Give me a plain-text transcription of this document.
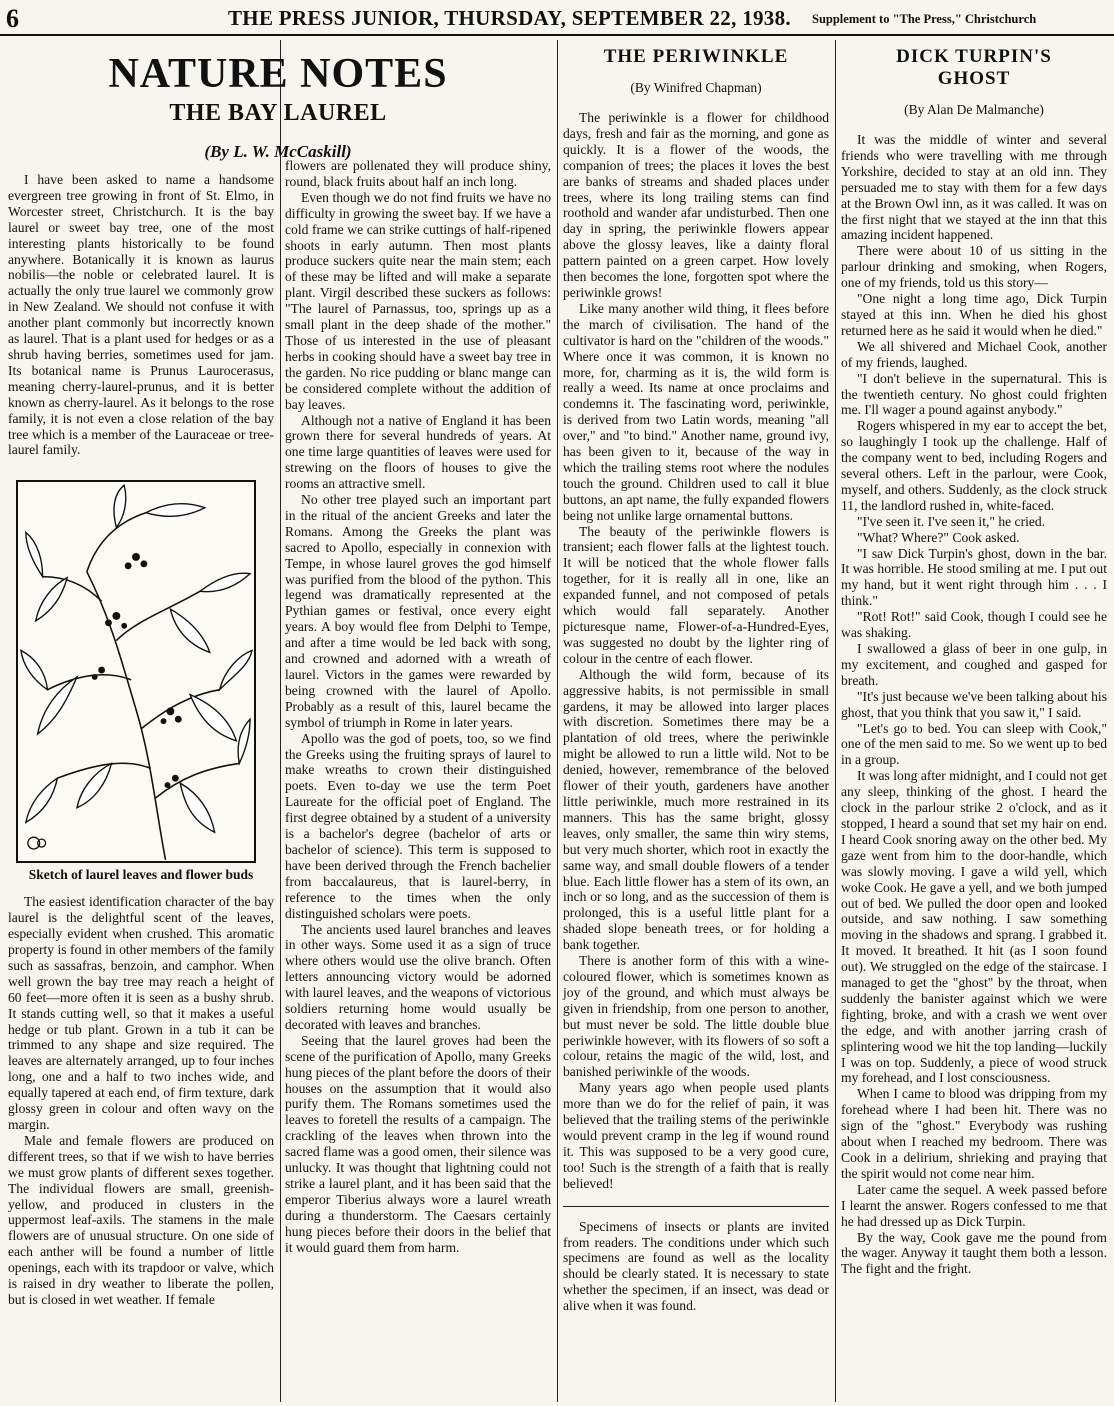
6	THE PRESS JUNIOR, THURSDAY, SEPTEMBER 22, 1938. Supplement to "The Press," Christchurch
NATURE NOTES
THE BAY LAUREL
(By L. W. McCaskill)

I have been asked to name a handsome evergreen tree growing in front of St. Elmo, in Worcester street, Christchurch. It is the bay laurel or sweet bay tree, one of the most interesting plants historically to be found anywhere. Botanically it is known as laurus nobilis—the noble or celebrated laurel. It is actually the only true laurel we commonly grow in New Zealand. We should not confuse it with another plant commonly but incorrectly known as laurel. That is a plant used for hedges or as a shrub having berries, sometimes used for jam. Its botanical name is Prunus Laurocerasus, meaning cherry-laurel-prunus, and it is better known as cherry-laurel. As it belongs to the rose family, it is not even a close relation of the bay tree which is a member of the Lauraceae or tree-laurel family.

Sketch of laurel leaves and flower buds

The easiest identification character of the bay laurel is the delightful scent of the leaves, especially evident when crushed. This aromatic property is found in other members of the family such as sassafras, benzoin, and camphor. When well grown the bay tree may reach a height of 60 feet—more often it is seen as a bushy shrub. It stands cutting well, so that it makes a useful hedge or tub plant. Grown in a tub it can be trimmed to any shape and size required. The leaves are alternately arranged, up to four inches long, one and a half to two inches wide, and equally tapered at each end, of firm texture, dark glossy green in colour and often wavy on the margin.

Male and female flowers are produced on different trees, so that if we wish to have berries we must grow plants of different sexes together. The individual flowers are small, greenish-yellow, and produced in clusters in the uppermost leaf-axils. The stamens in the male flowers are of unusual structure. On one side of each anther will be found a number of little openings, each with its trapdoor or valve, which is raised in dry weather to liberate the pollen, but is closed in wet weather. If female

flowers are pollenated they will produce shiny, round, black fruits about half an inch long.

Even though we do not find fruits we have no difficulty in growing the sweet bay. If we have a cold frame we can strike cuttings of half-ripened shoots in early autumn. Then most plants produce suckers quite near the main stem; each of these may be lifted and will make a separate plant. Virgil described these suckers as follows: "The laurel of Parnassus, too, springs up as a small plant in the deep shade of the mother." Those of us interested in the use of pleasant herbs in cooking should have a sweet bay tree in the garden. No rice pudding or blanc mange can be considered complete without the addition of bay leaves.

Although not a native of England it has been grown there for several hundreds of years. At one time large quantities of leaves were used for strewing on the floors of houses to give the rooms an attractive smell.

No other tree played such an important part in the ritual of the ancient Greeks and later the Romans. Among the Greeks the plant was sacred to Apollo, especially in connexion with Tempe, in whose laurel groves the god himself was purified from the blood of the python. This legend was dramatically represented at the Pythian games or festival, once every eight years. A boy would flee from Delphi to Tempe, and after a time would be led back with song, and crowned and adorned with a wreath of laurel. Victors in the games were rewarded by being crowned with the laurel of Apollo. Probably as a result of this, laurel became the symbol of triumph in Rome in later years.

Apollo was the god of poets, too, so we find the Greeks using the fruiting sprays of laurel to make wreaths to crown their distinguished poets. Even to-day we use the term Poet Laureate for the official poet of England. The first degree obtained by a student of a university is a bachelor's degree (bachelor of arts or bachelor of science). This term is supposed to have been derived through the French bachelier from baccalaureus, that is laurel-berry, in reference to the times when the only distinguished scholars were poets.

The ancients used laurel branches and leaves in other ways. Some used it as a sign of truce where others would use the olive branch. Often letters announcing victory would be adorned with laurel leaves, and the weapons of victorious soldiers returning home would usually be decorated with leaves and branches.

Seeing that the laurel groves had been the scene of the purification of Apollo, many Greeks hung pieces of the plant before the doors of their houses on the assumption that it would also purify them. The Romans sometimes used the leaves to foretell the results of a campaign. The crackling of the leaves when thrown into the sacred flame was a good omen, their silence was unlucky. It was thought that lightning could not strike a laurel plant, and it has been said that the emperor Tiberius always wore a laurel wreath during a thunderstorm. The Caesars certainly hung pieces before their doors in the belief that it would guard them from harm.

THE PERIWINKLE
(By Winifred Chapman)

The periwinkle is a flower for childhood days, fresh and fair as the morning, and gone as quickly. It is a flower of the woods, the companion of trees; the places it loves the best are banks of streams and shaded places under trees, where its long trailing stems can find roothold and wander afar undisturbed. Then one day in spring, the periwinkle flowers appear above the glossy leaves, like a dainty floral pattern painted on a green carpet. How lovely then becomes the lone, forgotten spot where the periwinkle grows!

Like many another wild thing, it flees before the march of civilisation. The hand of the cultivator is hard on the "children of the woods." Where once it was common, it is known no more, for, charming as it is, the wild form is really a weed. Its name at once proclaims and condemns it. The fascinating word, periwinkle, is derived from two Latin words, meaning "all over," and "to bind." Another name, ground ivy, has been given to it, because of the way in which the trailing stems root where the nodules touch the ground. Children used to call it blue buttons, an apt name, the fully expanded flowers being not unlike large ornamental buttons.

The beauty of the periwinkle flowers is transient; each flower falls at the lightest touch. It will be noticed that the whole flower falls together, for it is really all in one, like an expanded funnel, and not composed of petals which would fall separately. Another picturesque name, Flower-of-a-Hundred-Eyes, was suggested no doubt by the lighter ring of colour in the centre of each flower.

Although the wild form, because of its aggressive habits, is not permissible in small gardens, it may be allowed into larger places with discretion. Sometimes there may be a plantation of old trees, where the periwinkle might be allowed to run a little wild. Not to be denied, however, remembrance of the beloved flower of their youth, gardeners have another little periwinkle, much more restrained in its manners. This has the same bright, glossy leaves, only smaller, the same thin wiry stems, but very much shorter, which root in exactly the same way, and small double flowers of a tender blue. Each little flower has a stem of its own, an inch or so long, and as the succession of them is prolonged, this is a useful little plant for a shaded slope beneath trees, or for holding a bank together.

There is another form of this with a wine-coloured flower, which is sometimes known as joy of the ground, and which must always be given in friendship, from one person to another, but must never be sold. The little double blue periwinkle however, with its flowers of so soft a colour, retains the magic of the wild, lost, and banished periwinkle of the woods.

Many years ago when people used plants more than we do for the relief of pain, it was believed that the trailing stems of the periwinkle would prevent cramp in the leg if wound round it. This was supposed to be a very good cure, too! Such is the strength of a faith that is really believed!

Specimens of insects or plants are invited from readers. The conditions under which such specimens are found as well as the locality should be clearly stated. It is necessary to state whether the specimen, if an insect, was dead or alive when it was found.

DICK TURPIN'S
GHOST
(By Alan De Malmanche)

It was the middle of winter and several friends who were travelling with me through Yorkshire, decided to stay at an old inn. They persuaded me to stay with them for a few days at the Brown Owl inn, as it was called. It was on the first night that we stayed at the inn that this amazing incident happened.

There were about 10 of us sitting in the parlour drinking and smoking, when Rogers, one of my friends, told us this story—

"One night a long time ago, Dick Turpin stayed at this inn. When he died his ghost returned here as he said it would when he died."

We all shivered and Michael Cook, another of my friends, laughed.

"I don't believe in the supernatural. This is the twentieth century. No ghost could frighten me. I'll wager a pound against anybody."

Rogers whispered in my ear to accept the bet, so laughingly I took up the challenge. Half of the company went to bed, including Rogers and several others. Left in the parlour, were Cook, myself, and others. Suddenly, as the clock struck 11, the landlord rushed in, white-faced.

"I've seen it. I've seen it," he cried.

"What? Where?" Cook asked.

"I saw Dick Turpin's ghost, down in the bar. It was horrible. He stood smiling at me. I put out my hand, but it went right through him . . . I think."

"Rot! Rot!" said Cook, though I could see he was shaking.

I swallowed a glass of beer in one gulp, in my excitement, and coughed and gasped for breath.

"It's just because we've been talking about his ghost, that you think that you saw it," I said.

"Let's go to bed. You can sleep with Cook," one of the men said to me. So we went up to bed in a group.

It was long after midnight, and I could not get any sleep, thinking of the ghost. I heard the clock in the parlour strike 2 o'clock, and as it stopped, I heard a sound that set my hair on end. I heard Cook snoring away on the other bed. My gaze went from him to the door-handle, which was slowly moving. I gave a wild yell, which woke Cook. He gave a yell, and we both jumped out of bed. We pulled the door open and looked outside, and saw nothing. I saw something moving in the shadows and sprang. I grabbed it. It moved. It breathed. It hit (as I soon found out). We struggled on the edge of the staircase. I managed to get the "ghost" by the throat, when suddenly the banister against which we were fighting, broke, and with a crash we went over the edge, and with another jarring crash of splintering wood we hit the top landing—luckily I was on top. Suddenly, a piece of wood struck my forehead, and I lost consciousness.

When I came to blood was dripping from my forehead where I had been hit. There was no sign of the "ghost." Everybody was rushing about when I reached my bedroom. There was Cook in a delirium, shrieking and praying that the spirit would not come near him.

Later came the sequel. A week passed before I learnt the answer. Rogers confessed to me that he had dressed up as Dick Turpin.

By the way, Cook gave me the pound from the wager. Anyway it taught them both a lesson. The fight and the fright.
